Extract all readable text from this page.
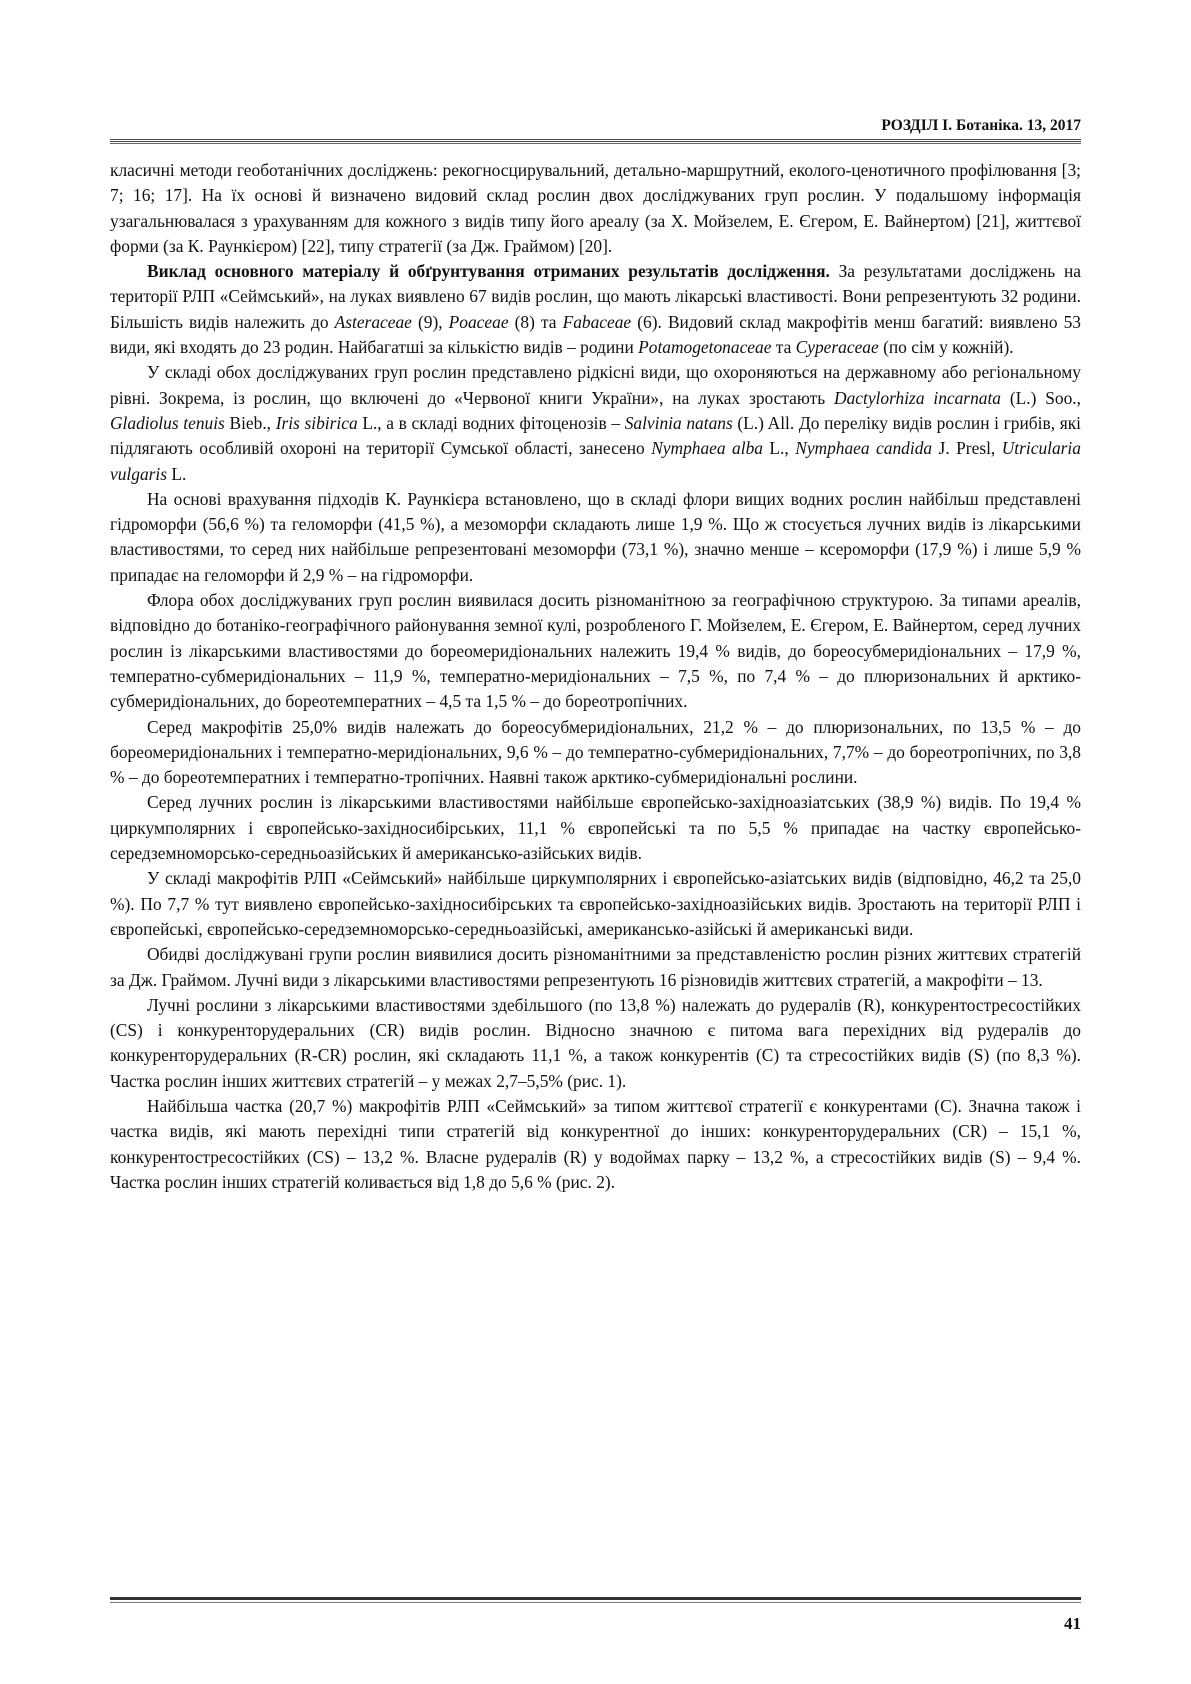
РОЗДІЛ І. Ботаніка. 13, 2017

класичні методи геоботанічних досліджень: рекогносцирувальний, детально-маршрутний, еколого-ценотичного профілювання [3; 7; 16; 17]. На їх основі й визначено видовий склад рослин двох досліджуваних груп рослин. У подальшому інформація узагальнювалася з урахуванням для кожного з видів типу його ареалу (за Х. Мойзелем, Е. Єгером, Е. Вайнертом) [21], життєвої форми (за К. Раункієром) [22], типу стратегії (за Дж. Граймом) [20].

Виклад основного матеріалу й обґрунтування отриманих результатів дослідження. За результатами досліджень на території РЛП «Сеймський», на луках виявлено 67 видів рослин, що мають лікарські властивості. Вони репрезентують 32 родини. Більшість видів належить до Asteraceae (9), Poaceae (8) та Fabaceae (6). Видовий склад макрофітів менш багатий: виявлено 53 види, які входять до 23 родин. Найбагатші за кількістю видів – родини Potamogetonaceae та Cyperaceae (по сім у кожній).

У складі обох досліджуваних груп рослин представлено рідкісні види, що охороняються на державному або регіональному рівні. Зокрема, із рослин, що включені до «Червоної книги України», на луках зростають Dactylorhiza incarnata (L.) Soo., Gladiolus tenuis Bieb., Iris sibirica L., а в складі водних фітоценозів – Salvinia natans (L.) All. До переліку видів рослин і грибів, які підлягають особливій охороні на території Сумської області, занесено Nymphaea alba L., Nymphaea candida J. Presl, Utricularia vulgaris L.

На основі врахування підходів К. Раункієра встановлено, що в складі флори вищих водних рослин найбільш представлені гідроморфи (56,6 %) та геломорфи (41,5 %), а мезоморфи складають лише 1,9 %. Що ж стосується лучних видів із лікарськими властивостями, то серед них найбільше репрезентовані мезоморфи (73,1 %), значно менше – ксероморфи (17,9 %) і лише 5,9 % припадає на геломорфи й 2,9 % – на гідроморфи.

Флора обох досліджуваних груп рослин виявилася досить різноманітною за географічною структурою. За типами ареалів, відповідно до ботаніко-географічного районування земної кулі, розробленого Г. Мойзелем, Е. Єгером, Е. Вайнертом, серед лучних рослин із лікарськими властивостями до бореомеридіональних належить 19,4 % видів, до бореосубмеридіональних – 17,9 %, температно-субмеридіональних – 11,9 %, температно-меридіональних – 7,5 %, по 7,4 % – до плюризональних й арктико-субмеридіональних, до бореотемператних – 4,5 та 1,5 % – до бореотропічних.

Серед макрофітів 25,0% видів належать до бореосубмеридіональних, 21,2 % – до плюризональних, по 13,5 % – до бореомеридіональних і температно-меридіональних, 9,6 % – до температно-субмеридіональних, 7,7% – до бореотропічних, по 3,8 % – до бореотемператних і температно-тропічних. Наявні також арктико-субмеридіональні рослини.

Серед лучних рослин із лікарськими властивостями найбільше європейсько-західноазіатських (38,9 %) видів. По 19,4 % циркумполярних і європейсько-західносибірських, 11,1 % європейські та по 5,5 % припадає на частку європейсько-середземноморсько-середньоазійських й американсько-азійських видів.

У складі макрофітів РЛП «Сеймський» найбільше циркумполярних і європейсько-азіатських видів (відповідно, 46,2 та 25,0 %). По 7,7 % тут виявлено європейсько-західносибірських та європейсько-західноазійських видів. Зростають на території РЛП і європейські, європейсько-середземноморсько-середньоазійські, американсько-азійські й американські види.

Обидві досліджувані групи рослин виявилися досить різноманітними за представленістю рослин різних життєвих стратегій за Дж. Граймом. Лучні види з лікарськими властивостями репрезентують 16 різновидів життєвих стратегій, а макрофіти – 13.

Лучні рослини з лікарськими властивостями здебільшого (по 13,8 %) належать до рудералів (R), конкурентостресостійких (CS) і конкуренторудеральних (CR) видів рослин. Відносно значною є питома вага перехідних від рудералів до конкуренторудеральних (R-CR) рослин, які складають 11,1 %, а також конкурентів (С) та стресостійких видів (S) (по 8,3 %). Частка рослин інших життєвих стратегій – у межах 2,7–5,5% (рис. 1).

Найбільша частка (20,7 %) макрофітів РЛП «Сеймський» за типом життєвої стратегії є конкурентами (С). Значна також і частка видів, які мають перехідні типи стратегій від конкурентної до інших: конкуренторудеральних (CR) – 15,1 %, конкурентостресостійких (CS) – 13,2 %. Власне рудералів (R) у водоймах парку – 13,2 %, а стресостійких видів (S) – 9,4 %. Частка рослин інших стратегій коливається від 1,8 до 5,6 % (рис. 2).

41
